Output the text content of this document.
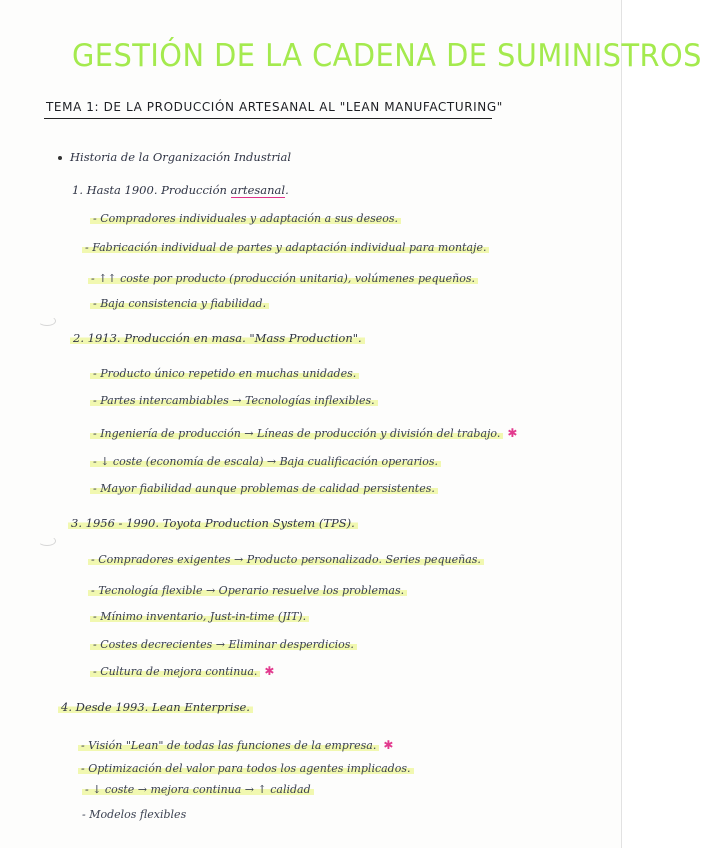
GESTIÓN DE LA CADENA DE SUMINISTROS
TEMA 1: DE LA PRODUCCIÓN ARTESANAL AL "LEAN MANUFACTURING"
Historia de la Organización Industrial
1. Hasta 1900. Producción artesanal.
- Compradores individuales y adaptación a sus deseos.
- Fabricación individual de partes y adaptación individual para montaje.
- ↑↑ coste por producto (producción unitaria), volúmenes pequeños.
- Baja consistencia y fiabilidad.
2. 1913. Producción en masa. "Mass Production".
- Producto único repetido en muchas unidades.
- Partes intercambiables → Tecnologías inflexibles.
- Ingeniería de producción → Líneas de producción y división del trabajo. ✱
- ↓ coste (economía de escala) → Baja cualificación operarios.
- Mayor fiabilidad aunque problemas de calidad persistentes.
3. 1956 - 1990. Toyota Production System (TPS).
- Compradores exigentes → Producto personalizado. Series pequeñas.
- Tecnología flexible → Operario resuelve los problemas.
- Mínimo inventario, Just-in-time (JIT).
- Costes decrecientes → Eliminar desperdicios.
- Cultura de mejora continua. ✱
4. Desde 1993. Lean Enterprise.
- Visión "Lean" de todas las funciones de la empresa. ✱
- Optimización del valor para todos los agentes implicados.
- ↓ coste → mejora continua → ↑ calidad
- Modelos flexibles
